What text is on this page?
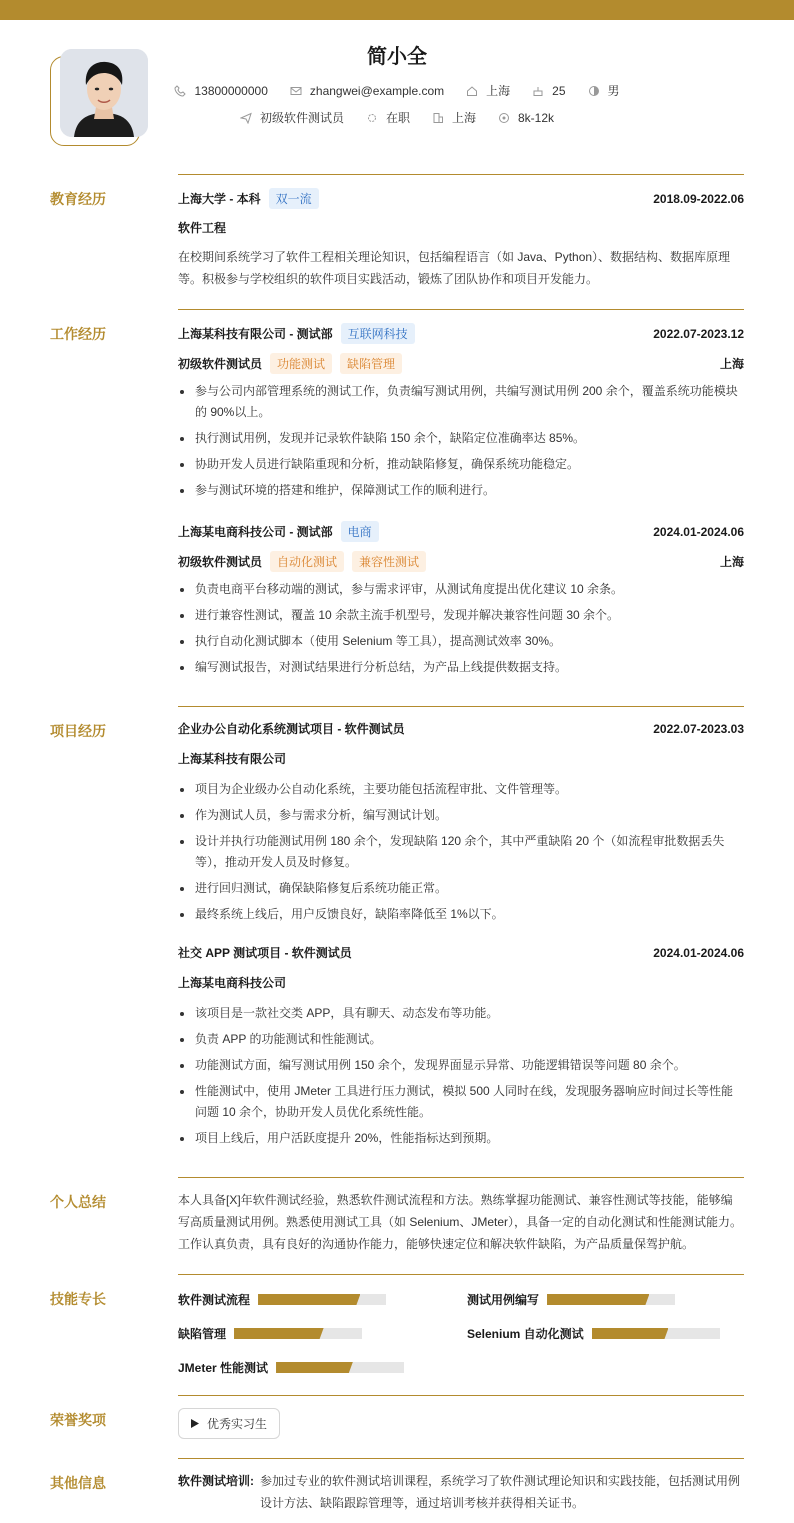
简小全
13800000000	zhangwei@example.com	上海	25	男
初级软件测试员	在职	上海	8k-12k
教育经历	上海大学 - 本科	双一流	2018.09-2022.06
软件工程
在校期间系统学习了软件工程相关理论知识，包括编程语言（如 Java、Python）、数据结构、数据库原理等。积极参与学校组织的软件项目实践活动，锻炼了团队协作和项目开发能力。
工作经历	上海某科技有限公司 - 测试部	互联网科技	2022.07-2023.12
初级软件测试员	功能测试	缺陷管理	上海
参与公司内部管理系统的测试工作，负责编写测试用例，共编写测试用例 200 余个，覆盖系统功能模块的 90%以上。
执行测试用例，发现并记录软件缺陷 150 余个，缺陷定位准确率达 85%。
协助开发人员进行缺陷重现和分析，推动缺陷修复，确保系统功能稳定。
参与测试环境的搭建和维护，保障测试工作的顺利进行。
上海某电商科技公司 - 测试部	电商	2024.01-2024.06
初级软件测试员	自动化测试	兼容性测试	上海
负责电商平台移动端的测试，参与需求评审，从测试角度提出优化建议 10 余条。
进行兼容性测试，覆盖 10 余款主流手机型号，发现并解决兼容性问题 30 余个。
执行自动化测试脚本（使用 Selenium 等工具），提高测试效率 30%。
编写测试报告，对测试结果进行分析总结，为产品上线提供数据支持。
项目经历	企业办公自动化系统测试项目 - 软件测试员	2022.07-2023.03
上海某科技有限公司
项目为企业级办公自动化系统，主要功能包括流程审批、文件管理等。
作为测试人员，参与需求分析，编写测试计划。
设计并执行功能测试用例 180 余个，发现缺陷 120 余个，其中严重缺陷 20 个（如流程审批数据丢失等），推动开发人员及时修复。
进行回归测试，确保缺陷修复后系统功能正常。
最终系统上线后，用户反馈良好，缺陷率降低至 1%以下。
社交 APP 测试项目 - 软件测试员	2024.01-2024.06
上海某电商科技公司
该项目是一款社交类 APP，具有聊天、动态发布等功能。
负责 APP 的功能测试和性能测试。
功能测试方面，编写测试用例 150 余个，发现界面显示异常、功能逻辑错误等问题 80 余个。
性能测试中，使用 JMeter 工具进行压力测试，模拟 500 人同时在线，发现服务器响应时间过长等性能问题 10 余个，协助开发人员优化系统性能。
项目上线后，用户活跃度提升 20%，性能指标达到预期。
个人总结	本人具备[X]年软件测试经验，熟悉软件测试流程和方法。熟练掌握功能测试、兼容性测试等技能，能够编写高质量测试用例。熟悉使用测试工具（如 Selenium、JMeter），具备一定的自动化测试和性能测试能力。工作认真负责，具有良好的沟通协作能力，能够快速定位和解决软件缺陷，为产品质量保驾护航。
技能专长	软件测试流程	测试用例编写
缺陷管理	Selenium 自动化测试
JMeter 性能测试
荣誉奖项	优秀实习生
其他信息	软件测试培训: 参加过专业的软件测试培训课程，系统学习了软件测试理论知识和实践技能，包括测试用例设计方法、缺陷跟踪管理等，通过培训考核并获得相关证书。
